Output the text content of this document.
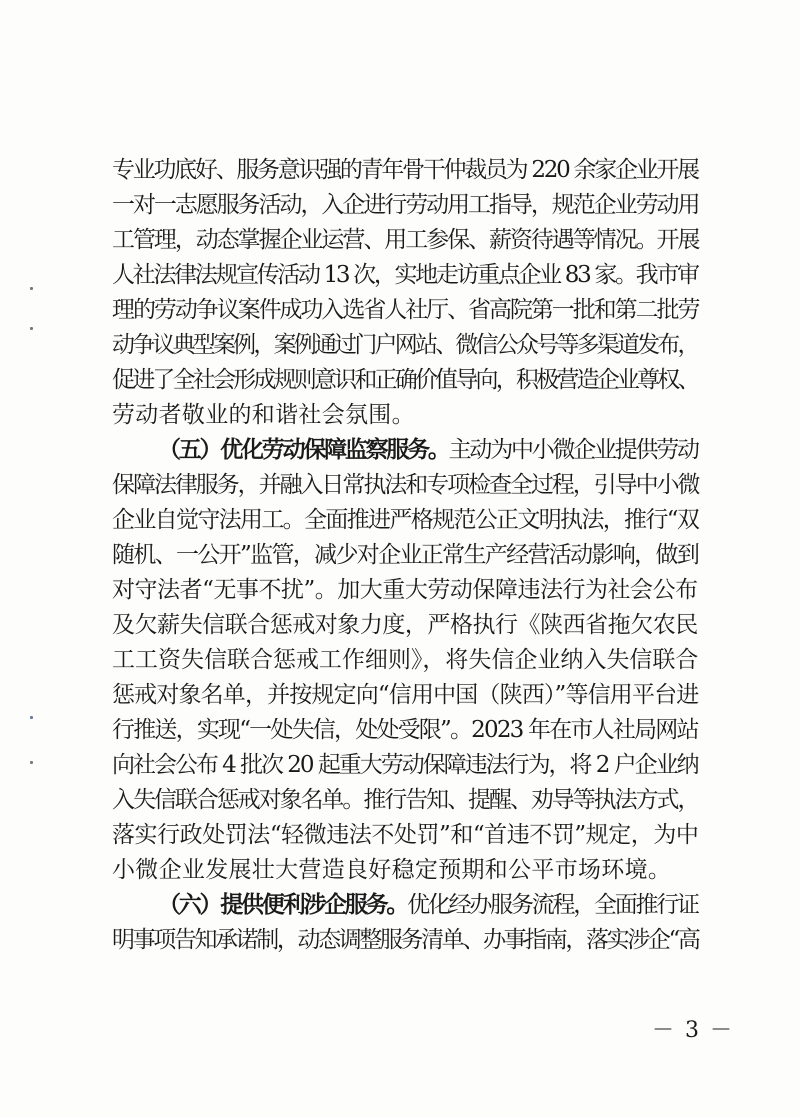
专业功底好、服务意识强的青年骨干仲裁员为 220 余家企业开展
一对一志愿服务活动，入企进行劳动用工指导，规范企业劳动用
工管理，动态掌握企业运营、用工参保、薪资待遇等情况。开展
人社法律法规宣传活动 13 次，实地走访重点企业 83 家。我市审
理的劳动争议案件成功入选省人社厅、省高院第一批和第二批劳
动争议典型案例，案例通过门户网站、微信公众号等多渠道发布，
促进了全社会形成规则意识和正确价值导向，积极营造企业尊权、
劳动者敬业的和谐社会氛围。
（五）优化劳动保障监察服务。主动为中小微企业提供劳动
保障法律服务，并融入日常执法和专项检查全过程，引导中小微
企业自觉守法用工。全面推进严格规范公正文明执法，推行“双
随机、一公开”监管，减少对企业正常生产经营活动影响，做到
对守法者“无事不扰”。加大重大劳动保障违法行为社会公布
及欠薪失信联合惩戒对象力度，严格执行《陕西省拖欠农民
工工资失信联合惩戒工作细则》，将失信企业纳入失信联合
惩戒对象名单，并按规定向“信用中国（陕西）”等信用平台进
行推送，实现“一处失信，处处受限”。2023 年在市人社局网站
向社会公布 4 批次 20 起重大劳动保障违法行为，将 2 户企业纳
入失信联合惩戒对象名单。推行告知、提醒、劝导等执法方式，
落实行政处罚法“轻微违法不处罚”和“首违不罚”规定，为中
小微企业发展壮大营造良好稳定预期和公平市场环境。
（六）提供便利涉企服务。优化经办服务流程，全面推行证
明事项告知承诺制，动态调整服务清单、办事指南，落实涉企“高
－ 3 －
